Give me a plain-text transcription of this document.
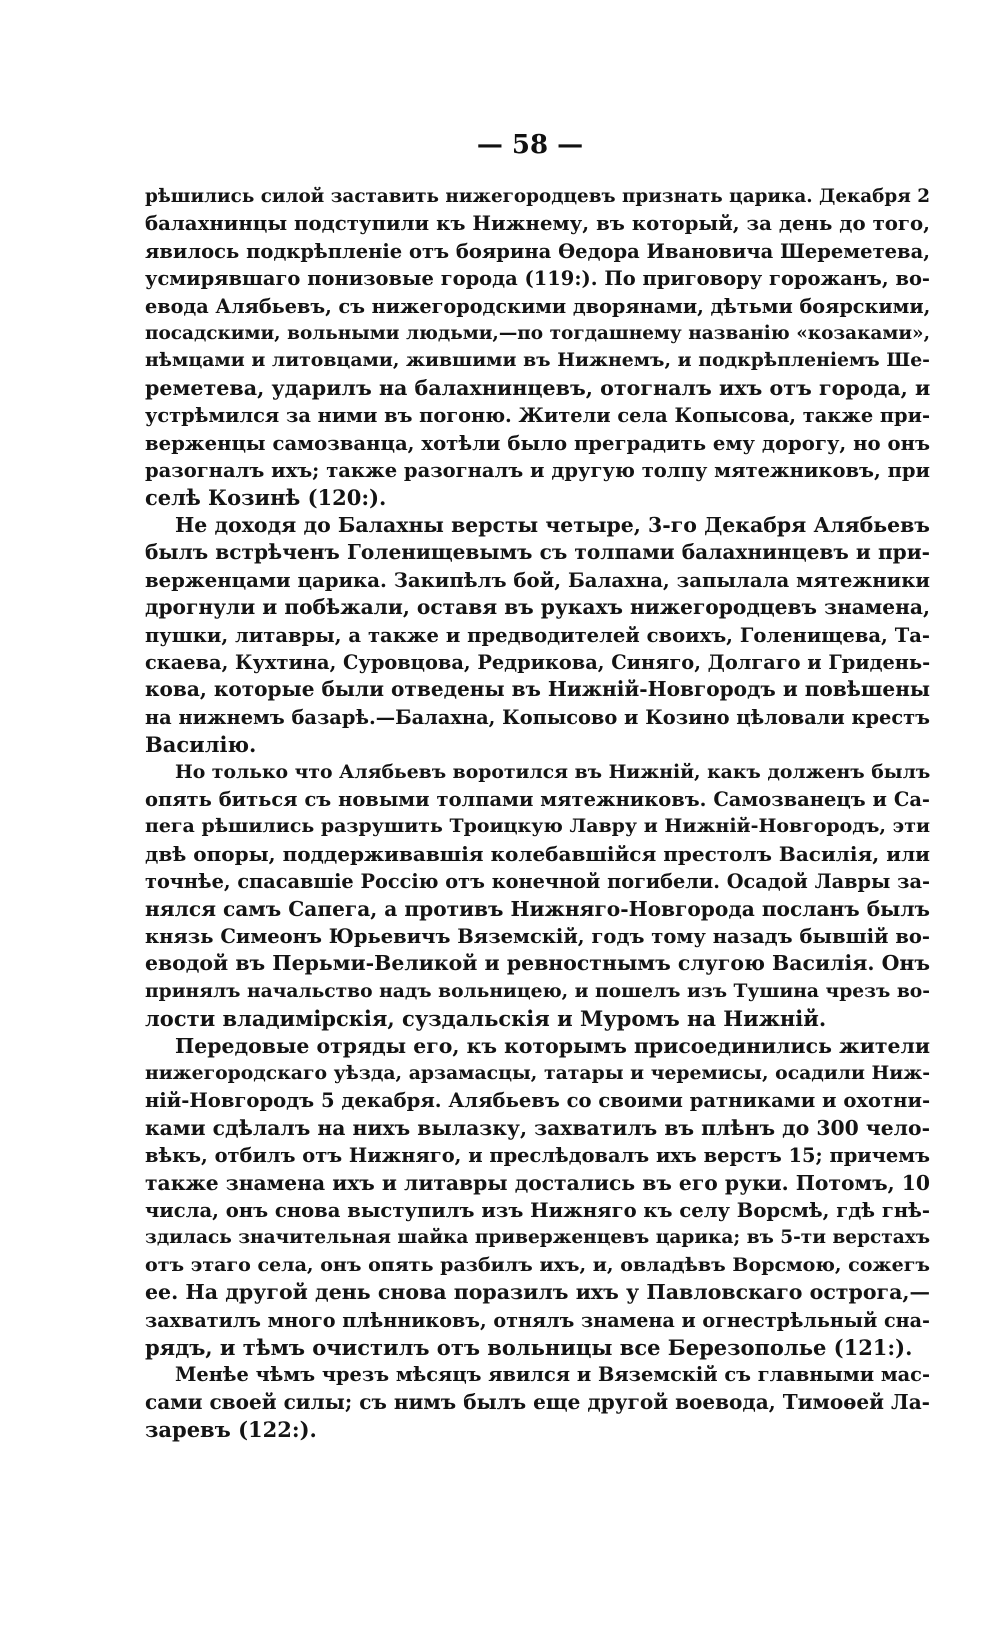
— 58 —
рѣшились силой заставить нижегородцевъ признать царика. Декабря 2
балахнинцы подступили къ Нижнему, въ который, за день до того,
явилось подкрѣпленіе отъ боярина Ѳедора Ивановича Шереметева,
усмирявшаго понизовые города (119:). По приговору горожанъ, во-
евода Алябьевъ, съ нижегородскими дворянами, дѣтьми боярскими,
посадскими, вольными людьми,—по тогдашнему названію «козаками»,
нѣмцами и литовцами, жившими въ Нижнемъ, и подкрѣпленіемъ Ше-
реметева, ударилъ на балахнинцевъ, отогналъ ихъ отъ города, и
устрѣмился за ними въ погоню. Жители села Копысова, также при-
верженцы самозванца, хотѣли было преградить ему дорогу, но онъ
разогналъ ихъ; также разогналъ и другую толпу мятежниковъ, при
селѣ Козинѣ (120:).
Не доходя до Балахны версты четыре, 3-го Декабря Алябьевъ
былъ встрѣченъ Голенищевымъ съ толпами балахнинцевъ и при-
верженцами царика. Закипѣлъ бой, Балахна, запылала мятежники
дрогнули и побѣжали, оставя въ рукахъ нижегородцевъ знамена,
пушки, литавры, а также и предводителей своихъ, Голенищева, Та-
скаева, Кухтина, Суровцова, Редрикова, Синяго, Долгаго и Гридень-
кова, которые были отведены въ Нижній-Новгородъ и повѣшены
на нижнемъ базарѣ.—Балахна, Копысово и Козино цѣловали крестъ
Василію.
Но только что Алябьевъ воротился въ Нижній, какъ долженъ былъ
опять биться съ новыми толпами мятежниковъ. Самозванецъ и Са-
пега рѣшились разрушить Троицкую Лавру и Нижній-Новгородъ, эти
двѣ опоры, поддерживавшія колебавшійся престолъ Василія, или
точнѣе, спасавшіе Россію отъ конечной погибели. Осадой Лавры за-
нялся самъ Сапега, а противъ Нижняго-Новгорода посланъ былъ
князь Симеонъ Юрьевичъ Вяземскій, годъ тому назадъ бывшій во-
еводой въ Перьми-Великой и ревностнымъ слугою Василія. Онъ
принялъ начальство надъ вольницею, и пошелъ изъ Тушина чрезъ во-
лости владимірскія, суздальскія и Муромъ на Нижній.
Передовые отряды его, къ которымъ присоединились жители
нижегородскаго уѣзда, арзамасцы, татары и черемисы, осадили Ниж-
ній-Новгородъ 5 декабря. Алябьевъ со своими ратниками и охотни-
ками сдѣлалъ на нихъ вылазку, захватилъ въ плѣнъ до 300 чело-
вѣкъ, отбилъ отъ Нижняго, и преслѣдовалъ ихъ верстъ 15; причемъ
также знамена ихъ и литавры достались въ его руки. Потомъ, 10
числа, онъ снова выступилъ изъ Нижняго къ селу Ворсмѣ, гдѣ гнѣ-
здилась значительная шайка приверженцевъ царика; въ 5-ти верстахъ
отъ этаго села, онъ опять разбилъ ихъ, и, овладѣвъ Ворсмою, сожегъ
ее. На другой день снова поразилъ ихъ у Павловскаго острога,—
захватилъ много плѣнниковъ, отнялъ знамена и огнестрѣльный сна-
рядъ, и тѣмъ очистилъ отъ вольницы все Березополье (121:).
Менѣе чѣмъ чрезъ мѣсяцъ явился и Вяземскій съ главными мас-
сами своей силы; съ нимъ былъ еще другой воевода, Тимоѳей Ла-
заревъ (122:).
